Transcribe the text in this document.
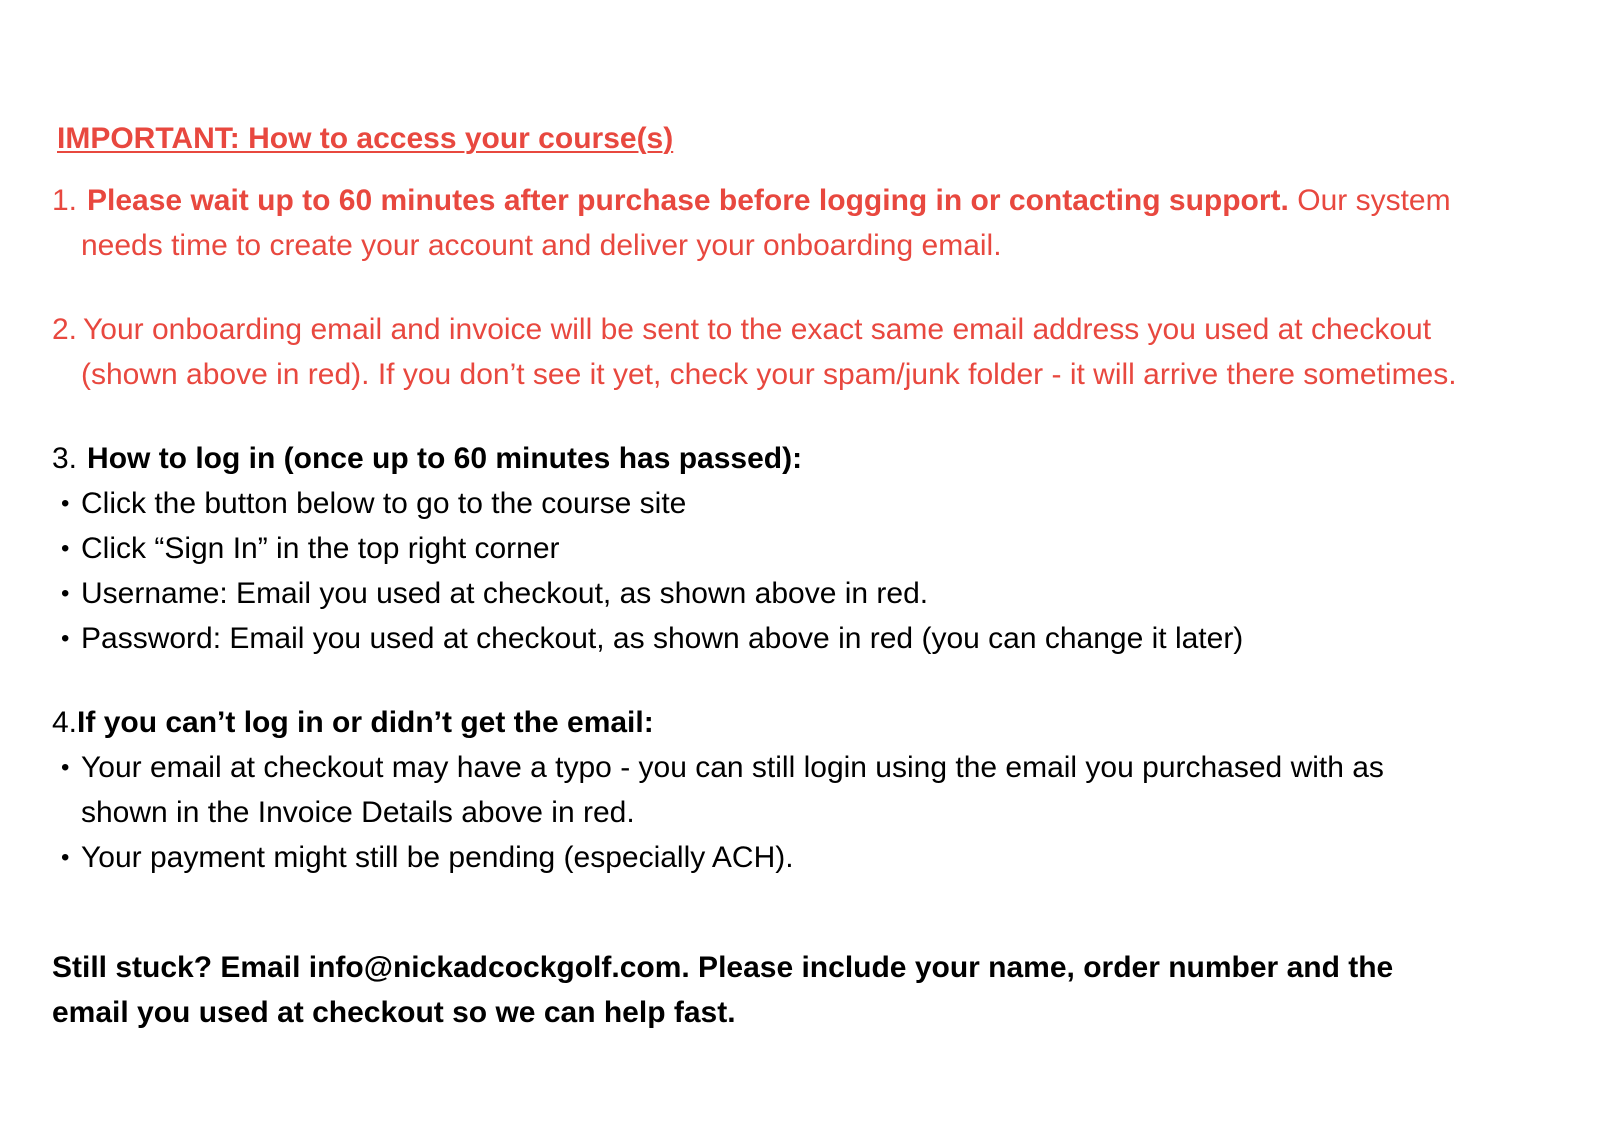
IMPORTANT: How to access your course(s)
1. Please wait up to 60 minutes after purchase before logging in or contacting support. Our system
needs time to create your account and deliver your onboarding email.
2. Your onboarding email and invoice will be sent to the exact same email address you used at checkout
(shown above in red). If you don’t see it yet, check your spam/junk folder - it will arrive there sometimes.
3. How to log in (once up to 60 minutes has passed):
• Click the button below to go to the course site
• Click “Sign In” in the top right corner
• Username: Email you used at checkout, as shown above in red.
• Password: Email you used at checkout, as shown above in red (you can change it later)
4.If you can’t log in or didn’t get the email:
• Your email at checkout may have a typo - you can still login using the email you purchased with as
shown in the Invoice Details above in red.
• Your payment might still be pending (especially ACH).
Still stuck? Email info@nickadcockgolf.com. Please include your name, order number and the
email you used at checkout so we can help fast.
